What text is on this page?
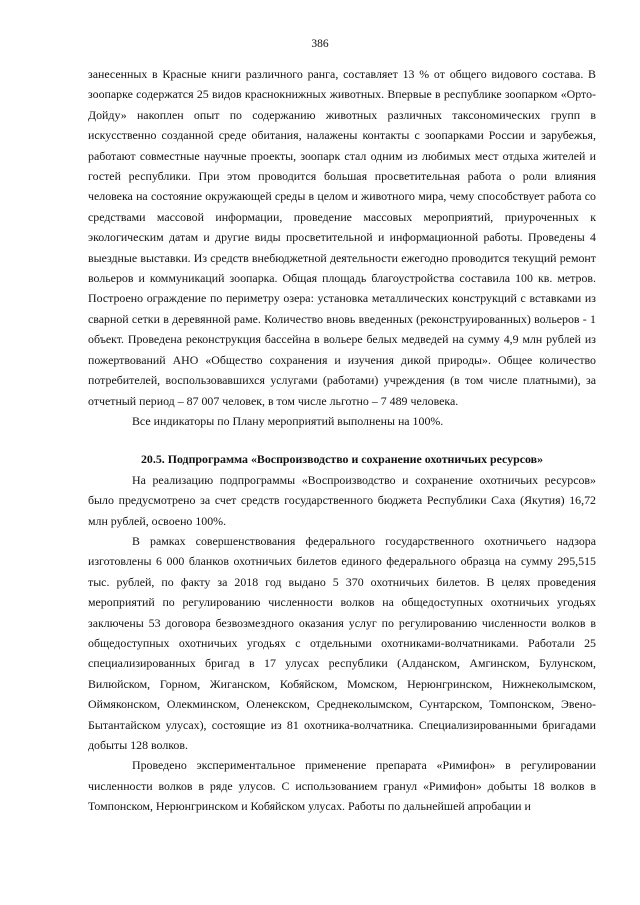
386

занесенных в Красные книги различного ранга, составляет 13 % от общего видового состава. В зоопарке содержатся 25 видов краснокнижных животных. Впервые в республике зоопарком «Орто-Дойду» накоплен опыт по содержанию животных различных таксономических групп в искусственно созданной среде обитания, налажены контакты с зоопарками России и зарубежья, работают совместные научные проекты, зоопарк стал одним из любимых мест отдыха жителей и гостей республики. При этом проводится большая просветительная работа о роли влияния человека на состояние окружающей среды в целом и животного мира, чему способствует работа со средствами массовой информации, проведение массовых мероприятий, приуроченных к экологическим датам и другие виды просветительной и информационной работы. Проведены 4 выездные выставки. Из средств внебюджетной деятельности ежегодно проводится текущий ремонт вольеров и коммуникаций зоопарка. Общая площадь благоустройства составила 100 кв. метров. Построено ограждение по периметру озера: установка металлических конструкций с вставками из сварной сетки в деревянной раме. Количество вновь введенных (реконструированных) вольеров - 1 объект. Проведена реконструкция бассейна в вольере белых медведей на сумму 4,9 млн рублей из пожертвований АНО «Общество сохранения и изучения дикой природы». Общее количество потребителей, воспользовавшихся услугами (работами) учреждения (в том числе платными), за отчетный период – 87 007 человек, в том числе льготно – 7 489 человека.

Все индикаторы по Плану мероприятий выполнены на 100%.

20.5. Подпрограмма «Воспроизводство и сохранение охотничьих ресурсов»

На реализацию подпрограммы «Воспроизводство и сохранение охотничьих ресурсов» было предусмотрено за счет средств государственного бюджета Республики Саха (Якутия) 16,72 млн рублей, освоено 100%.

В рамках совершенствования федерального государственного охотничьего надзора изготовлены 6 000 бланков охотничьих билетов единого федерального образца на сумму 295,515 тыс. рублей, по факту за 2018 год выдано 5 370 охотничьих билетов. В целях проведения мероприятий по регулированию численности волков на общедоступных охотничьих угодьях заключены 53 договора безвозмездного оказания услуг по регулированию численности волков в общедоступных охотничьих угодьях с отдельными охотниками-волчатниками. Работали 25 специализированных бригад в 17 улусах республики (Алданском, Амгинском, Булунском, Вилюйском, Горном, Жиганском, Кобяйском, Момском, Нерюнгринском, Нижнеколымском, Оймяконском, Олекминском, Оленекском, Среднеколымском, Сунтарском, Томпонском, Эвено-Бытантайском улусах), состоящие из 81 охотника-волчатника. Специализированными бригадами добыты 128 волков.

Проведено экспериментальное применение препарата «Римифон» в регулировании численности волков в ряде улусов. С использованием гранул «Римифон» добыты 18 волков в Томпонском, Нерюнгринском и Кобяйском улусах. Работы по дальнейшей апробации и
